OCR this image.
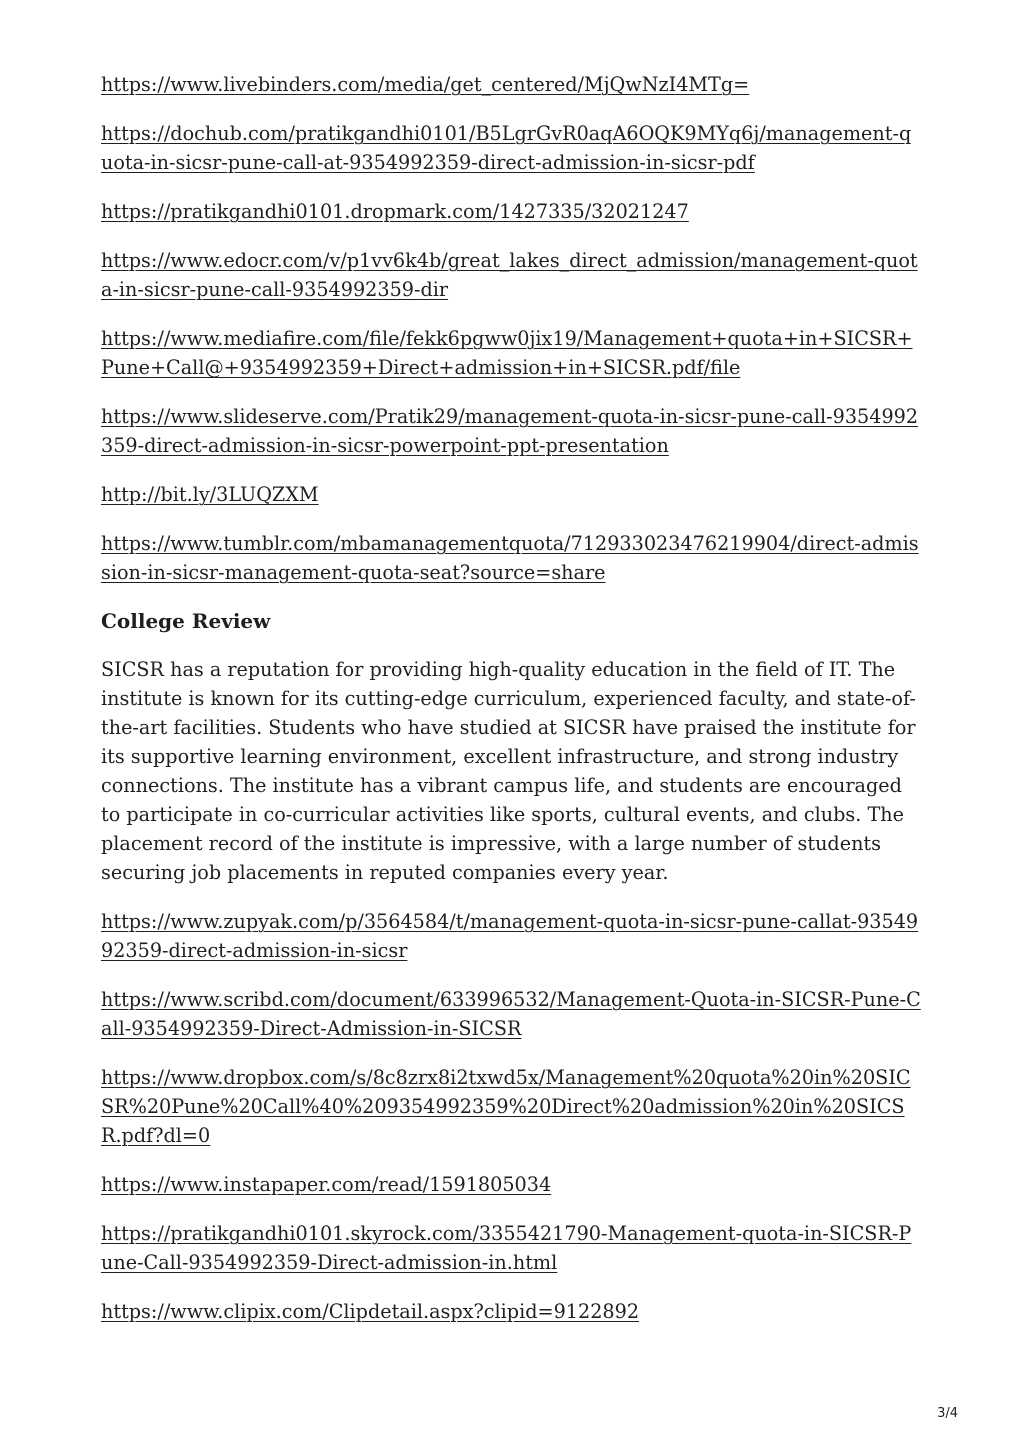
https://www.livebinders.com/media/get_centered/MjQwNzI4MTg=
https://dochub.com/pratikgandhi0101/B5LgrGvR0aqA6OQK9MYq6j/management-quota-in-sicsr-pune-call-at-9354992359-direct-admission-in-sicsr-pdf
https://pratikgandhi0101.dropmark.com/1427335/32021247
https://www.edocr.com/v/p1vv6k4b/great_lakes_direct_admission/management-quota-in-sicsr-pune-call-9354992359-dir
https://www.mediafire.com/file/fekk6pgww0jix19/Management+quota+in+SICSR+Pune+Call@+9354992359+Direct+admission+in+SICSR.pdf/file
https://www.slideserve.com/Pratik29/management-quota-in-sicsr-pune-call-9354992359-direct-admission-in-sicsr-powerpoint-ppt-presentation
http://bit.ly/3LUQZXM
https://www.tumblr.com/mbamanagementquota/712933023476219904/direct-admission-in-sicsr-management-quota-seat?source=share
College Review

SICSR has a reputation for providing high-quality education in the field of IT. The institute is known for its cutting-edge curriculum, experienced faculty, and state-of-the-art facilities. Students who have studied at SICSR have praised the institute for its supportive learning environment, excellent infrastructure, and strong industry connections. The institute has a vibrant campus life, and students are encouraged to participate in co-curricular activities like sports, cultural events, and clubs. The placement record of the institute is impressive, with a large number of students securing job placements in reputed companies every year.

https://www.zupyak.com/p/3564584/t/management-quota-in-sicsr-pune-callat-9354992359-direct-admission-in-sicsr
https://www.scribd.com/document/633996532/Management-Quota-in-SICSR-Pune-Call-9354992359-Direct-Admission-in-SICSR
https://www.dropbox.com/s/8c8zrx8i2txwd5x/Management%20quota%20in%20SICSR%20Pune%20Call%40%209354992359%20Direct%20admission%20in%20SICSR.pdf?dl=0
https://www.instapaper.com/read/1591805034
https://pratikgandhi0101.skyrock.com/3355421790-Management-quota-in-SICSR-Pune-Call-9354992359-Direct-admission-in.html
https://www.clipix.com/Clipdetail.aspx?clipid=9122892
3/4
